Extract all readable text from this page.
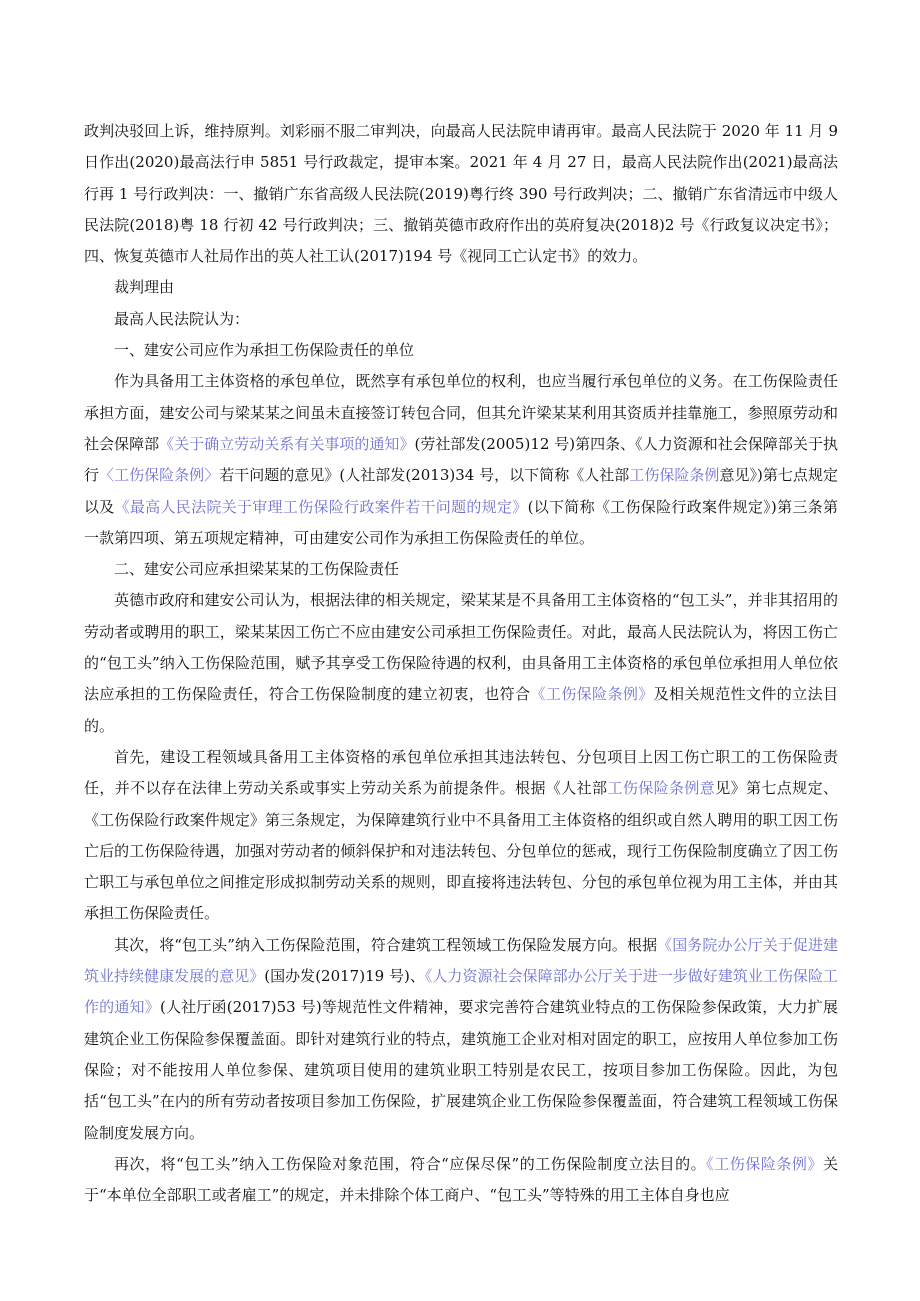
政判决驳回上诉，维持原判。刘彩丽不服二审判决，向最高人民法院申请再审。最高人民法院于 2020 年 11 月 9 日作出(2020)最高法行申 5851 号行政裁定，提审本案。2021 年 4 月 27 日，最高人民法院作出(2021)最高法行再 1 号行政判决：一、撤销广东省高级人民法院(2019)粤行终 390 号行政判决；二、撤销广东省清远市中级人民法院(2018)粤 18 行初 42 号行政判决；三、撤销英德市政府作出的英府复决(2018)2 号《行政复议决定书》；四、恢复英德市人社局作出的英人社工认(2017)194 号《视同工亡认定书》的效力。

裁判理由

最高人民法院认为：

一、建安公司应作为承担工伤保险责任的单位

作为具备用工主体资格的承包单位，既然享有承包单位的权利，也应当履行承包单位的义务。在工伤保险责任承担方面，建安公司与梁某某之间虽未直接签订转包合同，但其允许梁某某利用其资质并挂靠施工，参照原劳动和社会保障部《关于确立劳动关系有关事项的通知》(劳社部发(2005)12 号)第四条、《人力资源和社会保障部关于执行〈工伤保险条例〉若干问题的意见》(人社部发(2013)34 号，以下简称《人社部工伤保险条例意见》)第七点规定以及《最高人民法院关于审理工伤保险行政案件若干问题的规定》(以下简称《工伤保险行政案件规定》)第三条第一款第四项、第五项规定精神，可由建安公司作为承担工伤保险责任的单位。

二、建安公司应承担梁某某的工伤保险责任

英德市政府和建安公司认为，根据法律的相关规定，梁某某是不具备用工主体资格的“包工头”，并非其招用的劳动者或聘用的职工，梁某某因工伤亡不应由建安公司承担工伤保险责任。对此，最高人民法院认为，将因工伤亡的“包工头”纳入工伤保险范围，赋予其享受工伤保险待遇的权利，由具备用工主体资格的承包单位承担用人单位依法应承担的工伤保险责任，符合工伤保险制度的建立初衷，也符合《工伤保险条例》及相关规范性文件的立法目的。

首先，建设工程领域具备用工主体资格的承包单位承担其违法转包、分包项目上因工伤亡职工的工伤保险责任，并不以存在法律上劳动关系或事实上劳动关系为前提条件。根据《人社部工伤保险条例意见》第七点规定、《工伤保险行政案件规定》第三条规定，为保障建筑行业中不具备用工主体资格的组织或自然人聘用的职工因工伤亡后的工伤保险待遇，加强对劳动者的倾斜保护和对违法转包、分包单位的惩戒，现行工伤保险制度确立了因工伤亡职工与承包单位之间推定形成拟制劳动关系的规则，即直接将违法转包、分包的承包单位视为用工主体，并由其承担工伤保险责任。

其次，将“包工头”纳入工伤保险范围，符合建筑工程领域工伤保险发展方向。根据《国务院办公厅关于促进建筑业持续健康发展的意见》(国办发(2017)19 号)、《人力资源社会保障部办公厅关于进一步做好建筑业工伤保险工作的通知》(人社厅函(2017)53 号)等规范性文件精神，要求完善符合建筑业特点的工伤保险参保政策，大力扩展建筑企业工伤保险参保覆盖面。即针对建筑行业的特点，建筑施工企业对相对固定的职工，应按用人单位参加工伤保险；对不能按用人单位参保、建筑项目使用的建筑业职工特别是农民工，按项目参加工伤保险。因此，为包括“包工头”在内的所有劳动者按项目参加工伤保险，扩展建筑企业工伤保险参保覆盖面，符合建筑工程领域工伤保险制度发展方向。

再次，将“包工头”纳入工伤保险对象范围，符合“应保尽保”的工伤保险制度立法目的。《工伤保险条例》关于“本单位全部职工或者雇工”的规定，并未排除个体工商户、“包工头”等特殊的用工主体自身也应
